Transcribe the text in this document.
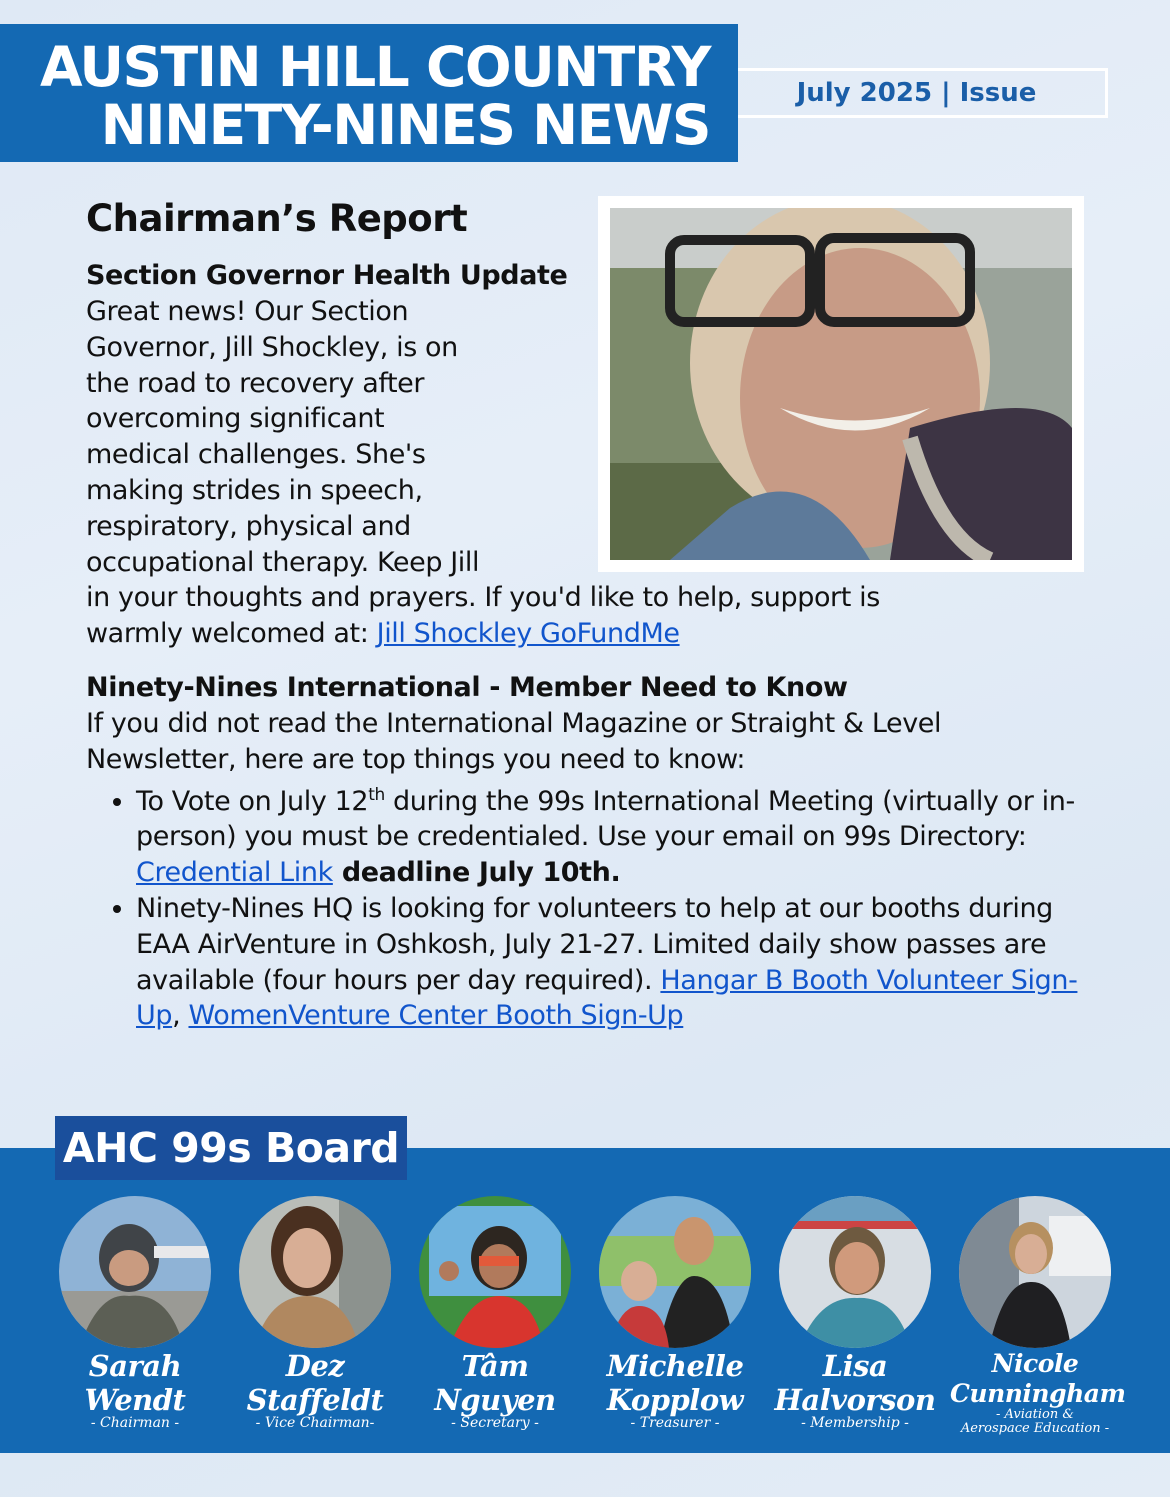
AUSTIN HILL COUNTRY
NINETY-NINES NEWS	July 2025 | Issue
Chairman’s Report
Section Governor Health Update
Great news! Our Section
Governor, Jill Shockley, is on
the road to recovery after
overcoming significant
medical challenges. She's
making strides in speech,
respiratory, physical and
occupational therapy. Keep Jill
in your thoughts and prayers. If you'd like to help, support is
warmly welcomed at: Jill Shockley GoFundMe
Ninety-Nines International - Member Need to Know
If you did not read the International Magazine or Straight & Level Newsletter, here are top things you need to know:
• To Vote on July 12th during the 99s International Meeting (virtually or in-person) you must be credentialed. Use your email on 99s Directory: Credential Link deadline July 10th.
• Ninety-Nines HQ is looking for volunteers to help at our booths during EAA AirVenture in Oshkosh, July 21-27. Limited daily show passes are available (four hours per day required). Hangar B Booth Volunteer Sign-Up, WomenVenture Center Booth Sign-Up
AHC 99s Board
Sarah
Wendt
- Chairman -
Dez
Staffeldt
- Vice Chairman-
Tâm
Nguyen
- Secretary -
Michelle
Kopplow
- Treasurer -
Lisa
Halvorson
- Membership -
Nicole
Cunningham
- Aviation &
Aerospace Education -
